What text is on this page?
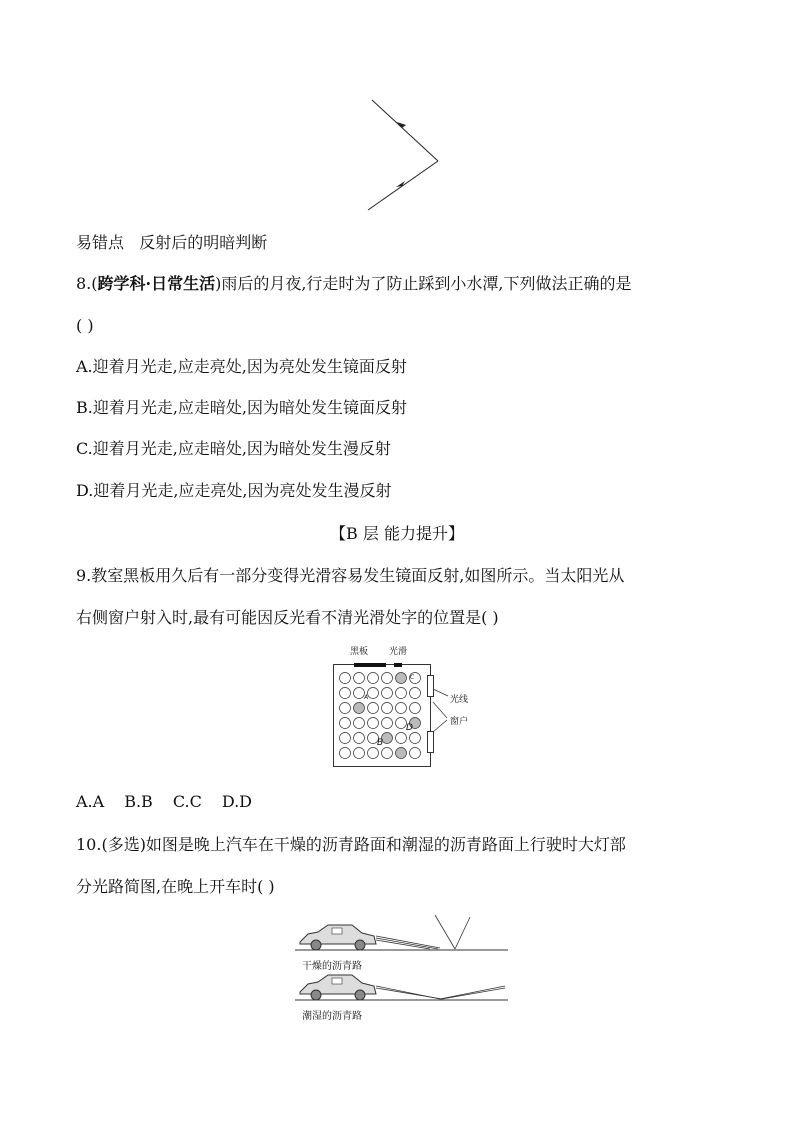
易错点 反射后的明暗判断
8.(跨学科·日常生活)雨后的月夜,行走时为了防止踩到小水潭,下列做法正确的是
( )
A.迎着月光走,应走亮处,因为亮处发生镜面反射
B.迎着月光走,应走暗处,因为暗处发生镜面反射
C.迎着月光走,应走暗处,因为暗处发生漫反射
D.迎着月光走,应走亮处,因为亮处发生漫反射
【B 层 能力提升】
9.教室黑板用久后有一部分变得光滑容易发生镜面反射,如图所示。当太阳光从
右侧窗户射入时,最有可能因反光看不清光滑处字的位置是( )
黑板 光滑
光线
窗户
D
B
A
C
A.A B.B C.C D.D
10.(多选)如图是晚上汽车在干燥的沥青路面和潮湿的沥青路面上行驶时大灯部
分光路简图,在晚上开车时( )
干燥的沥青路
潮湿的沥青路
